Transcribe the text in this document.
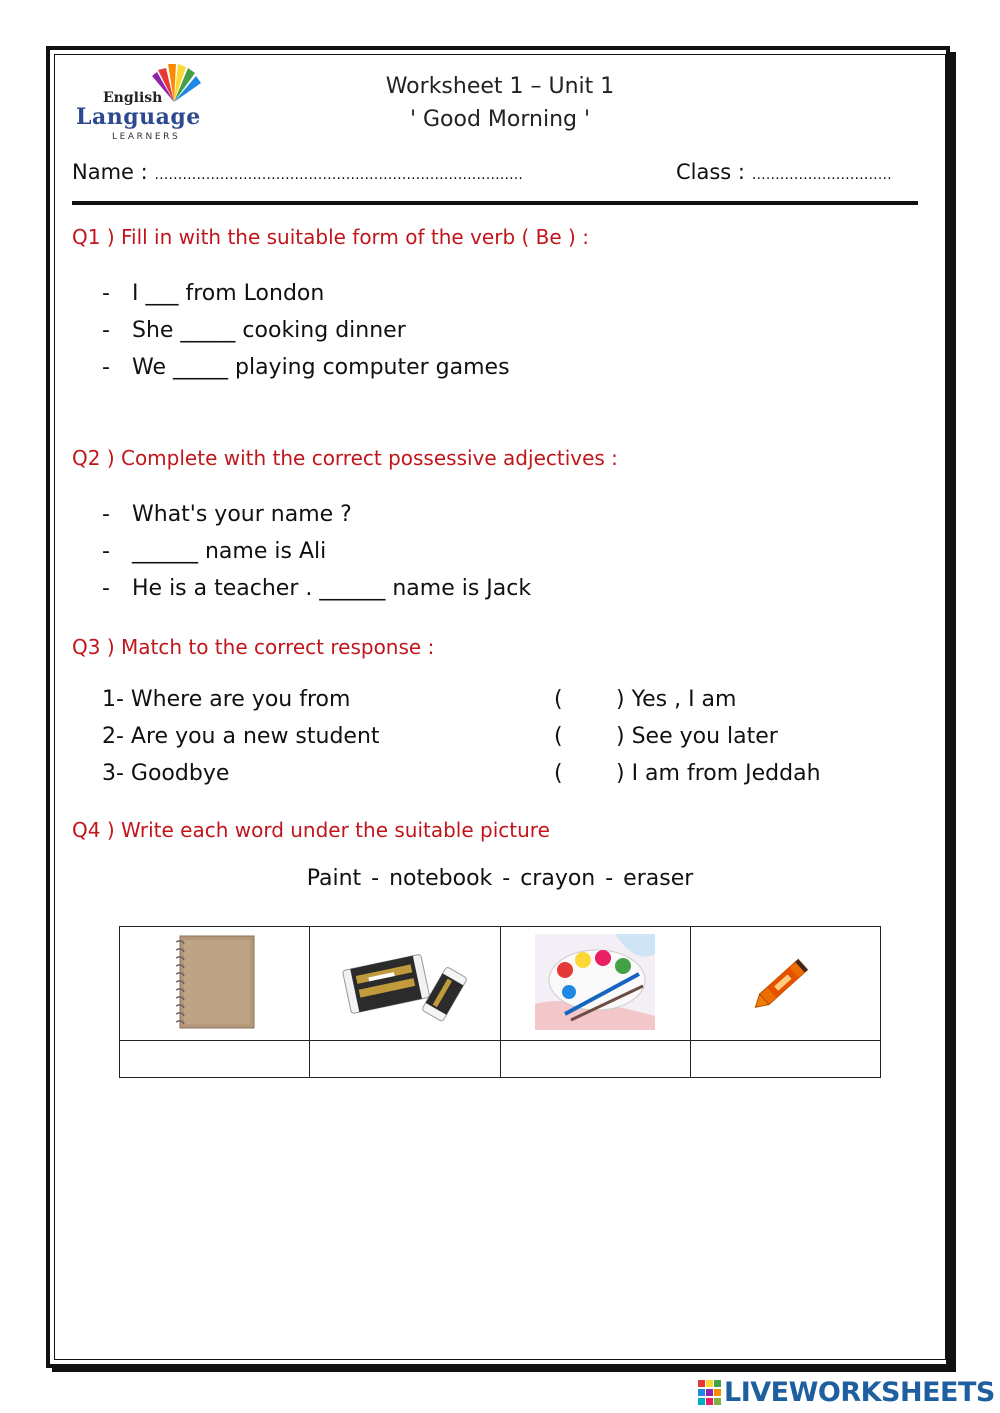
English
Language
LEARNERS
Worksheet 1 – Unit 1
' Good Morning '
Name : …………………………………………………………………….	Class : …………………………
Q1 ) Fill in with the suitable form of the verb ( Be ) :
- I ___ from London
- She _____ cooking dinner
- We _____ playing computer games
Q2 ) Complete with the correct possessive adjectives :
- What's your name ?
- ______ name is Ali
- He is a teacher . ______ name is Jack
Q3 ) Match to the correct response :
1- Where are you from	( ) Yes , I am
2- Are you a new student	( ) See you later
3- Goodbye	( ) I am from Jeddah
Q4 ) Write each word under the suitable picture
Paint - notebook - crayon - eraser

LIVEWORKSHEETS
